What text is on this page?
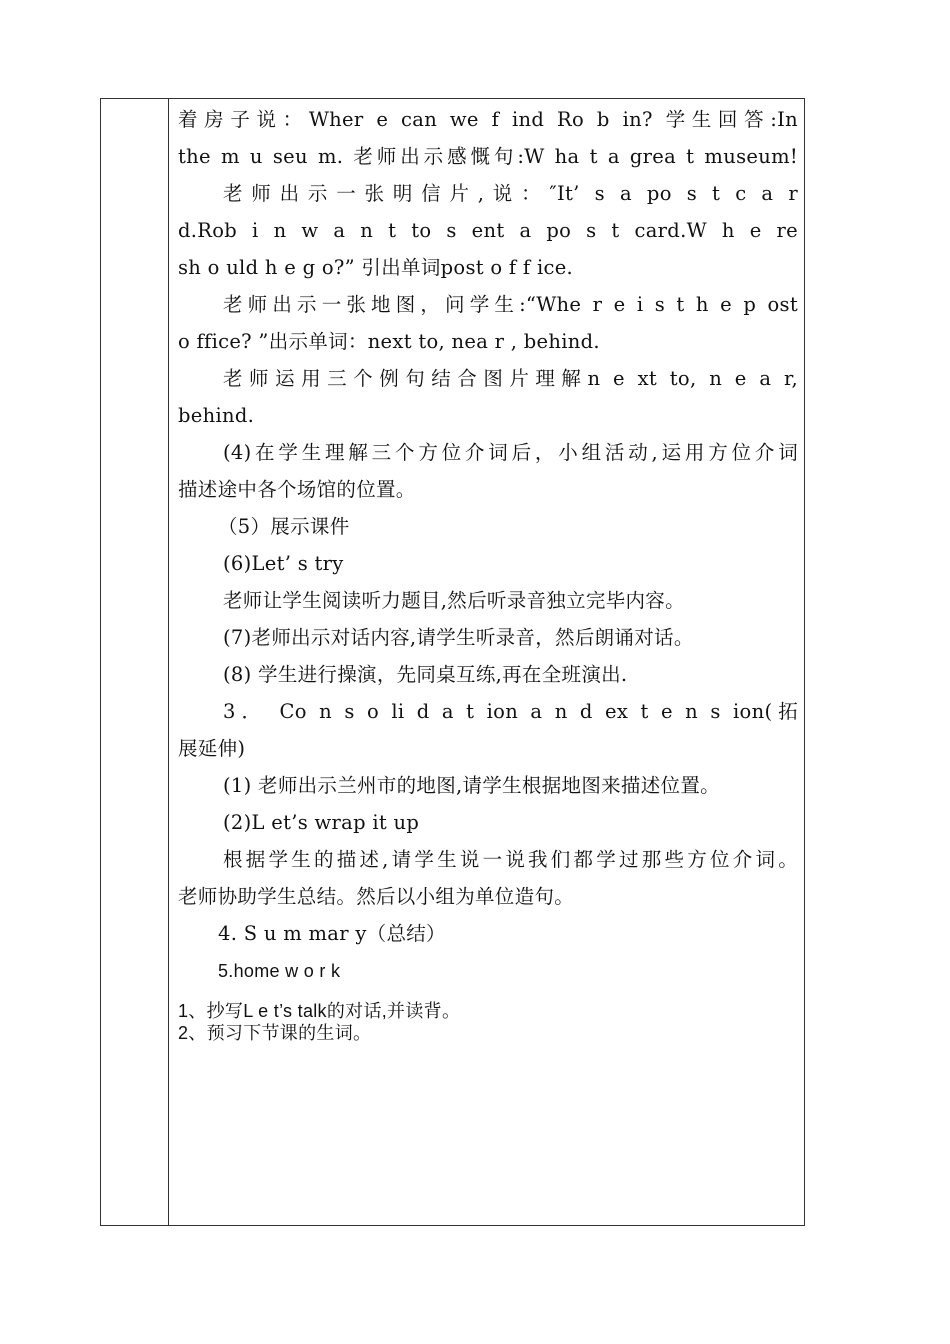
着房子说：Wher e can we f ind Ro b in? 学生回答:In
the m u seu m. 老师出示感慨句:W ha t a grea t museum!
老师出示一张明信片,说：″It’ s a po s t c a r
d.Rob i n w a n t to s ent a po s t card.W h e re
sh o uld h e g o?” 引出单词post o f f ice.
老师出示一张地图，问学生:“Whe r e i s t h e p ost
o ffice? ”出示单词：next to, nea r , behind.
老师运用三个例句结合图片理解n e xt to, n e a r,
behind.
(4)在学生理解三个方位介词后，小组活动,运用方位介词
描述途中各个场馆的位置。
（5）展示课件
(6)Let’ s try
老师让学生阅读听力题目,然后听录音独立完毕内容。
(7)老师出示对话内容,请学生听录音，然后朗诵对话。
(8) 学生进行操演，先同桌互练,再在全班演出.
3． Co n s o li d a t ion a n d ex t e n s ion(拓
展延伸)
(1) 老师出示兰州市的地图,请学生根据地图来描述位置。
(2)L et’s wrap it up
根据学生的描述,请学生说一说我们都学过那些方位介词。
老师协助学生总结。然后以小组为单位造句。
4. S u m mar y（总结）
5.home w o r k
1、抄写L e t’s talk的对话,并读背。
2、预习下节课的生词。
